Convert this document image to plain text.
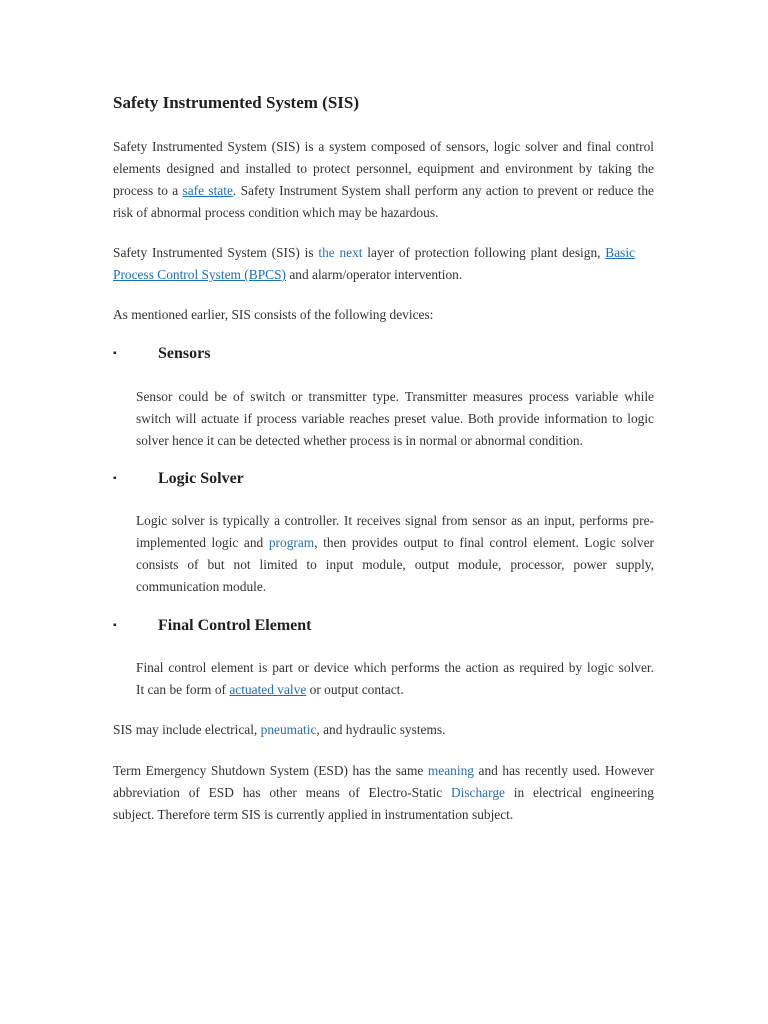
Safety Instrumented System (SIS)
Safety Instrumented System (SIS) is a system composed of sensors, logic solver and final control
elements designed and installed to protect personnel, equipment and environment by taking the
process to a safe state. Safety Instrument System shall perform any action to prevent or reduce the
risk of abnormal process condition which may be hazardous.
Safety Instrumented System (SIS) is the next layer of protection following plant design, Basic
Process Control System (BPCS) and alarm/operator intervention.
As mentioned earlier, SIS consists of the following devices:
▪	Sensors
Sensor could be of switch or transmitter type. Transmitter measures process variable while
switch will actuate if process variable reaches preset value. Both provide information to logic
solver hence it can be detected whether process is in normal or abnormal condition.
▪	Logic Solver
Logic solver is typically a controller. It receives signal from sensor as an input, performs pre-
implemented logic and program, then provides output to final control element. Logic solver
consists of but not limited to input module, output module, processor, power supply,
communication module.
▪	Final Control Element
Final control element is part or device which performs the action as required by logic solver.
It can be form of actuated valve or output contact.
SIS may include electrical, pneumatic, and hydraulic systems.
Term Emergency Shutdown System (ESD) has the same meaning and has recently used. However
abbreviation of ESD has other means of Electro-Static Discharge in electrical engineering
subject. Therefore term SIS is currently applied in instrumentation subject.
